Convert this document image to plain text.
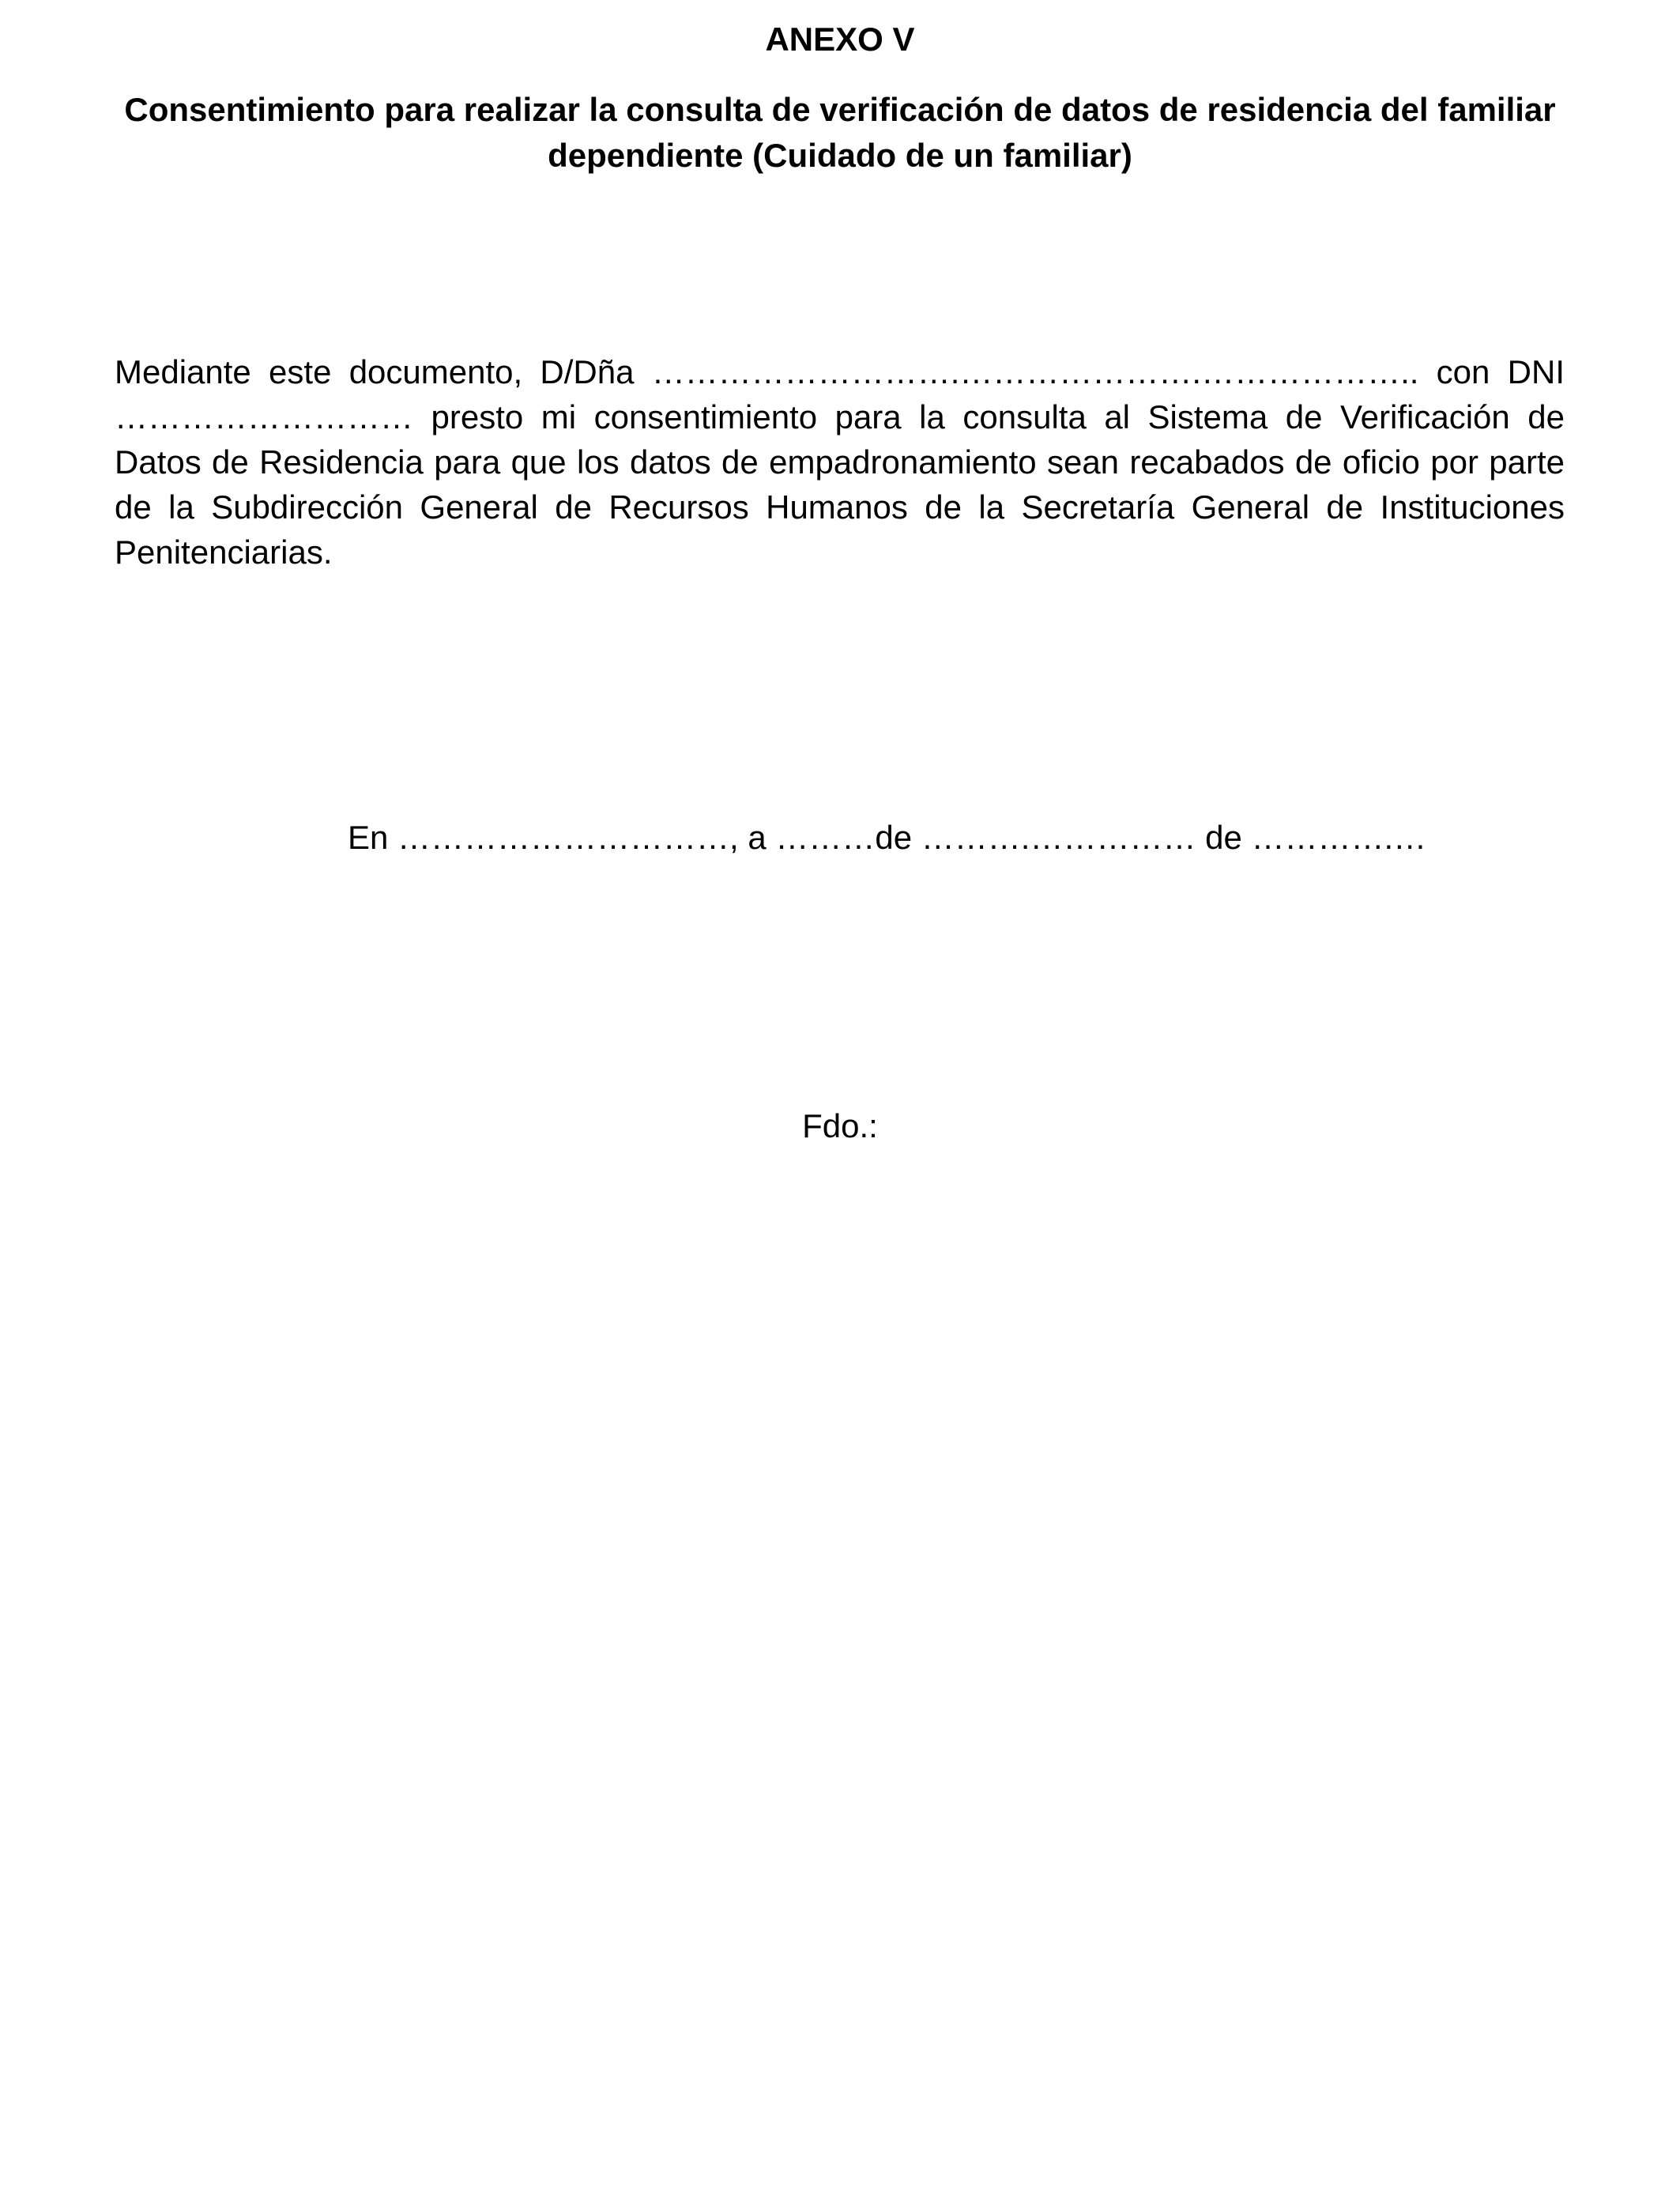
ANEXO V
Consentimiento para realizar la consulta de verificación de datos de residencia del familiar dependiente (Cuidado de un familiar)

Mediante este documento, D/Dña ……………………….………………….……………….. con DNI ……………………… presto mi consentimiento para la consulta al Sistema de Verificación de Datos de Residencia para que los datos de empadronamiento sean recabados de oficio por parte de la Subdirección General de Recursos Humanos de la Secretaría General de Instituciones Penitenciarias.

En …………………………, a ………de ……….…………… de ………….…

Fdo.:
